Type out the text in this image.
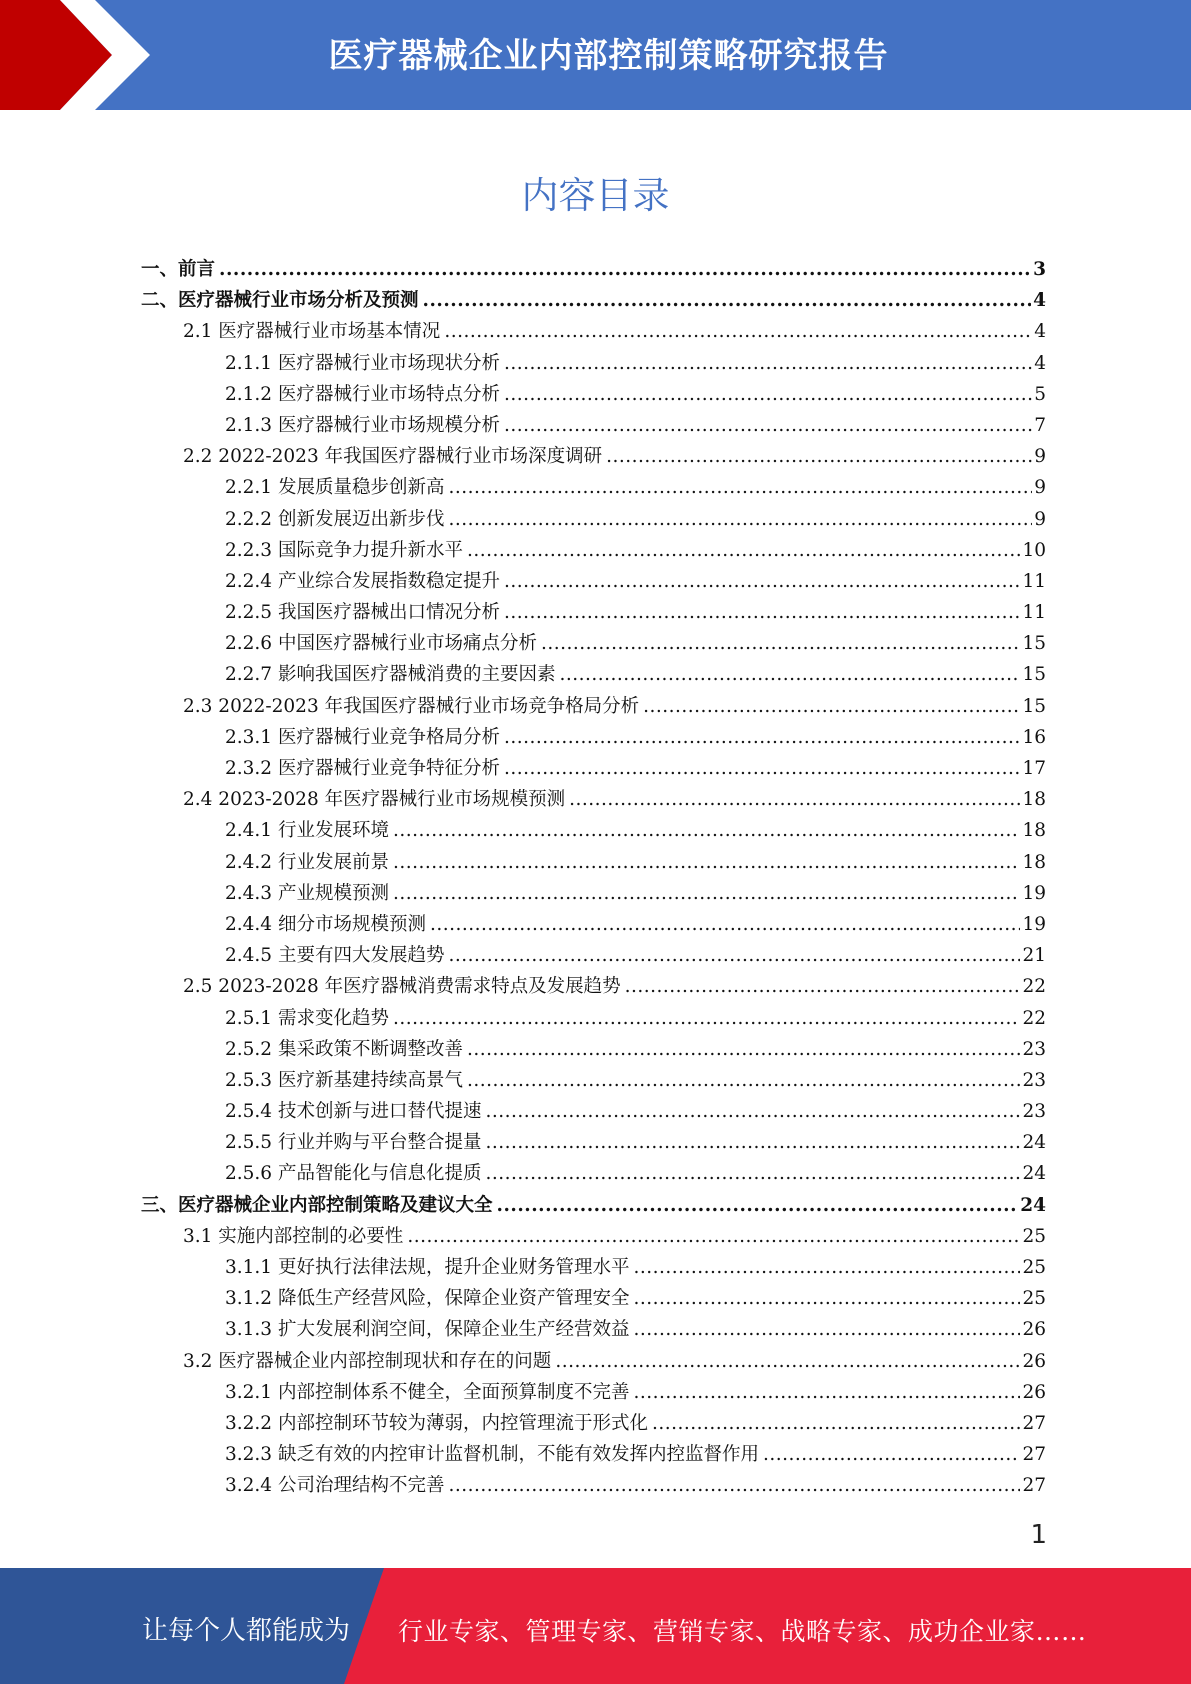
医疗器械企业内部控制策略研究报告
内容目录
一、前言 .....	3
二、医疗器械行业市场分析及预测 .....	4
2.1 医疗器械行业市场基本情况 .....	4
2.1.1 医疗器械行业市场现状分析 .....	4
2.1.2 医疗器械行业市场特点分析 .....	5
2.1.3 医疗器械行业市场规模分析 .....	7
2.2 2022-2023 年我国医疗器械行业市场深度调研 .....	9
2.2.1 发展质量稳步创新高 .....	9
2.2.2 创新发展迈出新步伐 .....	9
2.2.3 国际竞争力提升新水平 .....	10
2.2.4 产业综合发展指数稳定提升 .....	11
2.2.5 我国医疗器械出口情况分析 .....	11
2.2.6 中国医疗器械行业市场痛点分析 .....	15
2.2.7 影响我国医疗器械消费的主要因素 .....	15
2.3 2022-2023 年我国医疗器械行业市场竞争格局分析 .....	15
2.3.1 医疗器械行业竞争格局分析 .....	16
2.3.2 医疗器械行业竞争特征分析 .....	17
2.4 2023-2028 年医疗器械行业市场规模预测 .....	18
2.4.1 行业发展环境 .....	18
2.4.2 行业发展前景 .....	18
2.4.3 产业规模预测 .....	19
2.4.4 细分市场规模预测 .....	19
2.4.5 主要有四大发展趋势 .....	21
2.5 2023-2028 年医疗器械消费需求特点及发展趋势 .....	22
2.5.1 需求变化趋势 .....	22
2.5.2 集采政策不断调整改善 .....	23
2.5.3 医疗新基建持续高景气 .....	23
2.5.4 技术创新与进口替代提速 .....	23
2.5.5 行业并购与平台整合提量 .....	24
2.5.6 产品智能化与信息化提质 .....	24
三、医疗器械企业内部控制策略及建议大全 .....	24
3.1 实施内部控制的必要性 .....	25
3.1.1 更好执行法律法规，提升企业财务管理水平 .....	25
3.1.2 降低生产经营风险，保障企业资产管理安全 .....	25
3.1.3 扩大发展利润空间，保障企业生产经营效益 .....	26
3.2 医疗器械企业内部控制现状和存在的问题 .....	26
3.2.1 内部控制体系不健全，全面预算制度不完善 .....	26
3.2.2 内部控制环节较为薄弱，内控管理流于形式化 .....	27
3.2.3 缺乏有效的内控审计监督机制，不能有效发挥内控监督作用 .....	27
3.2.4 公司治理结构不完善 .....	27
1
让每个人都能成为 行业专家、管理专家、营销专家、战略专家、成功企业家……
